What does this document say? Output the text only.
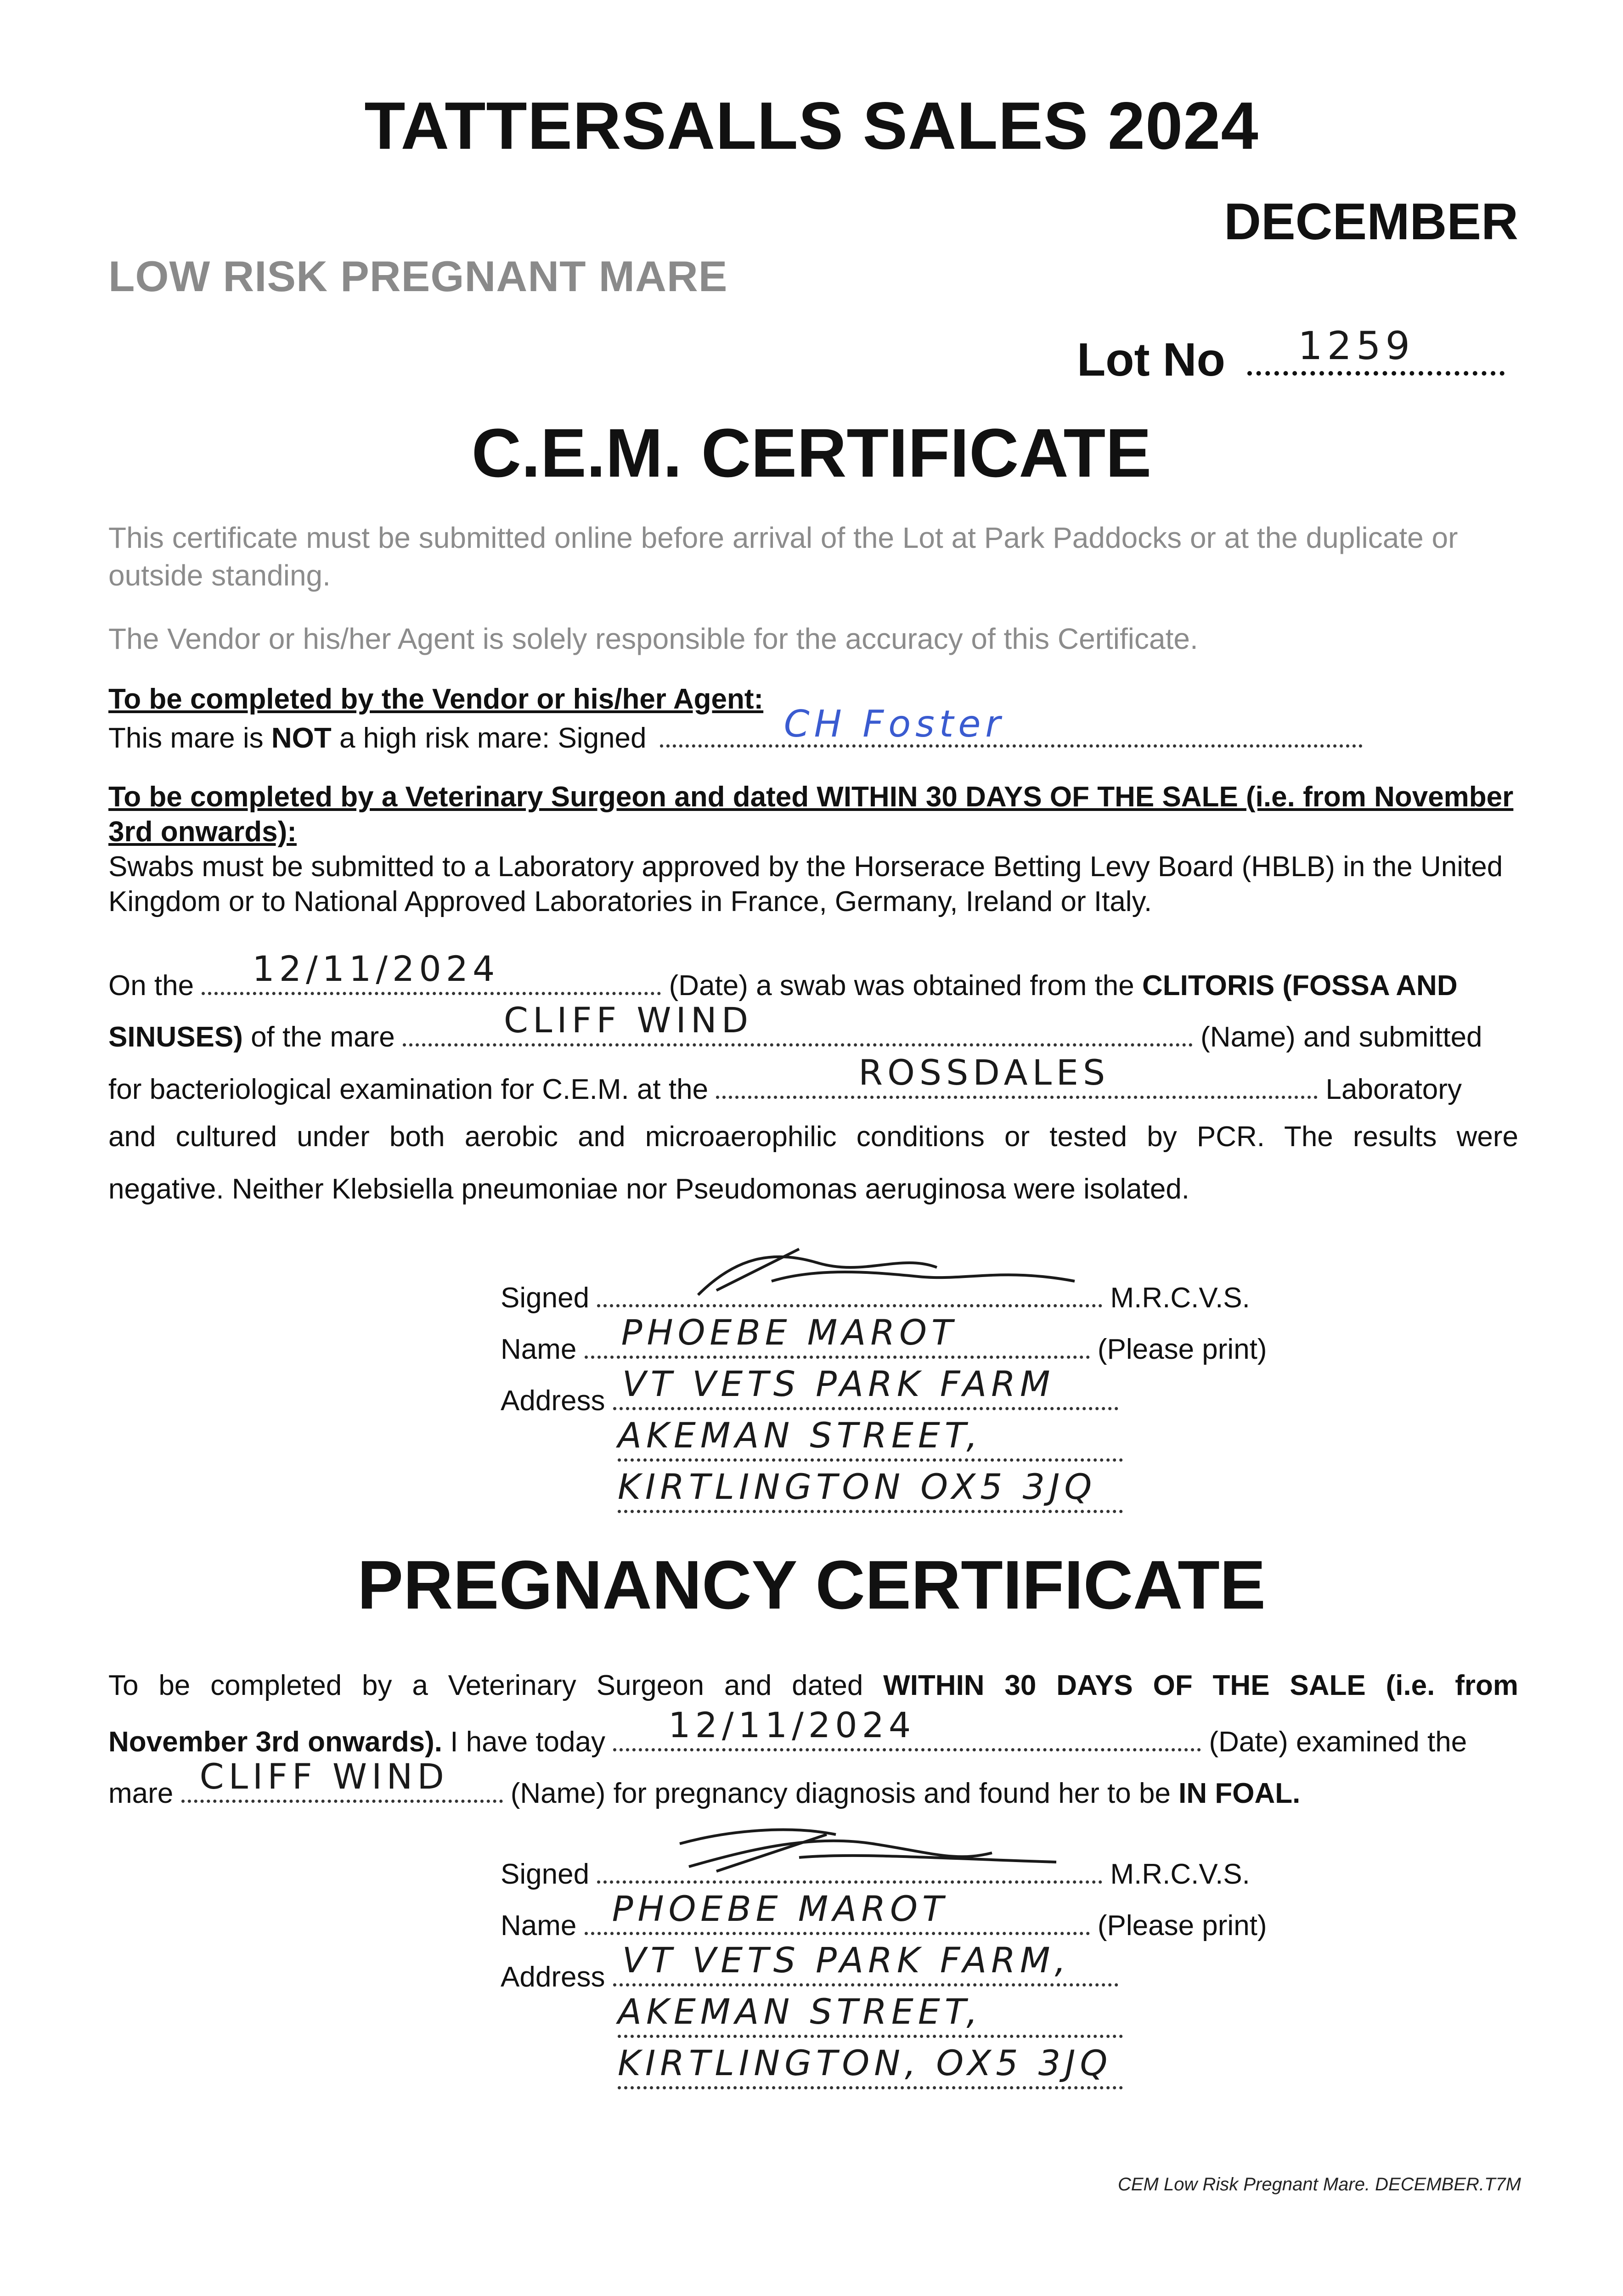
TATTERSALLS SALES 2024
DECEMBER
LOW RISK PREGNANT MARE
Lot No 1259
C.E.M. CERTIFICATE
This certificate must be submitted online before arrival of the Lot at Park Paddocks or at the duplicate or outside standing.
The Vendor or his/her Agent is solely responsible for the accuracy of this Certificate.
To be completed by the Vendor or his/her Agent:
This mare is NOT a high risk mare: Signed	CH Foster
To be completed by a Veterinary Surgeon and dated WITHIN 30 DAYS OF THE SALE (i.e. from November 3rd onwards):
Swabs must be submitted to a Laboratory approved by the Horserace Betting Levy Board (HBLB) in the United Kingdom or to National Approved Laboratories in France, Germany, Ireland or Italy.
On the 12/11/2024	(Date) a swab was obtained from the CLITORIS (FOSSA AND
SINUSES) of the mare	CLIFF WIND	(Name) and submitted
for bacteriological examination for C.E.M. at the	ROSSDALES	Laboratory
and cultured under both aerobic and microaerophilic conditions or tested by PCR. The results were
negative. Neither Klebsiella pneumoniae nor Pseudomonas aeruginosa were isolated.
Signed	M.R.C.V.S.
Name PHOEBE MAROT	(Please print)
Address VT VETS PARK FARM
AKEMAN STREET,
KIRTLINGTON OX5 3JQ
PREGNANCY CERTIFICATE
To be completed by a Veterinary Surgeon and dated WITHIN 30 DAYS OF THE SALE (i.e. from
November 3rd onwards). I have today 12/11/2024	(Date) examined the
mare CLIFF WIND (Name) for pregnancy diagnosis and found her to be IN FOAL.
Signed	M.R.C.V.S.
Name PHOEBE MAROT	(Please print)
Address VT VETS PARK FARM,
AKEMAN STREET,
KIRTLINGTON, OX5 3JQ
CEM Low Risk Pregnant Mare. DECEMBER.T7M
